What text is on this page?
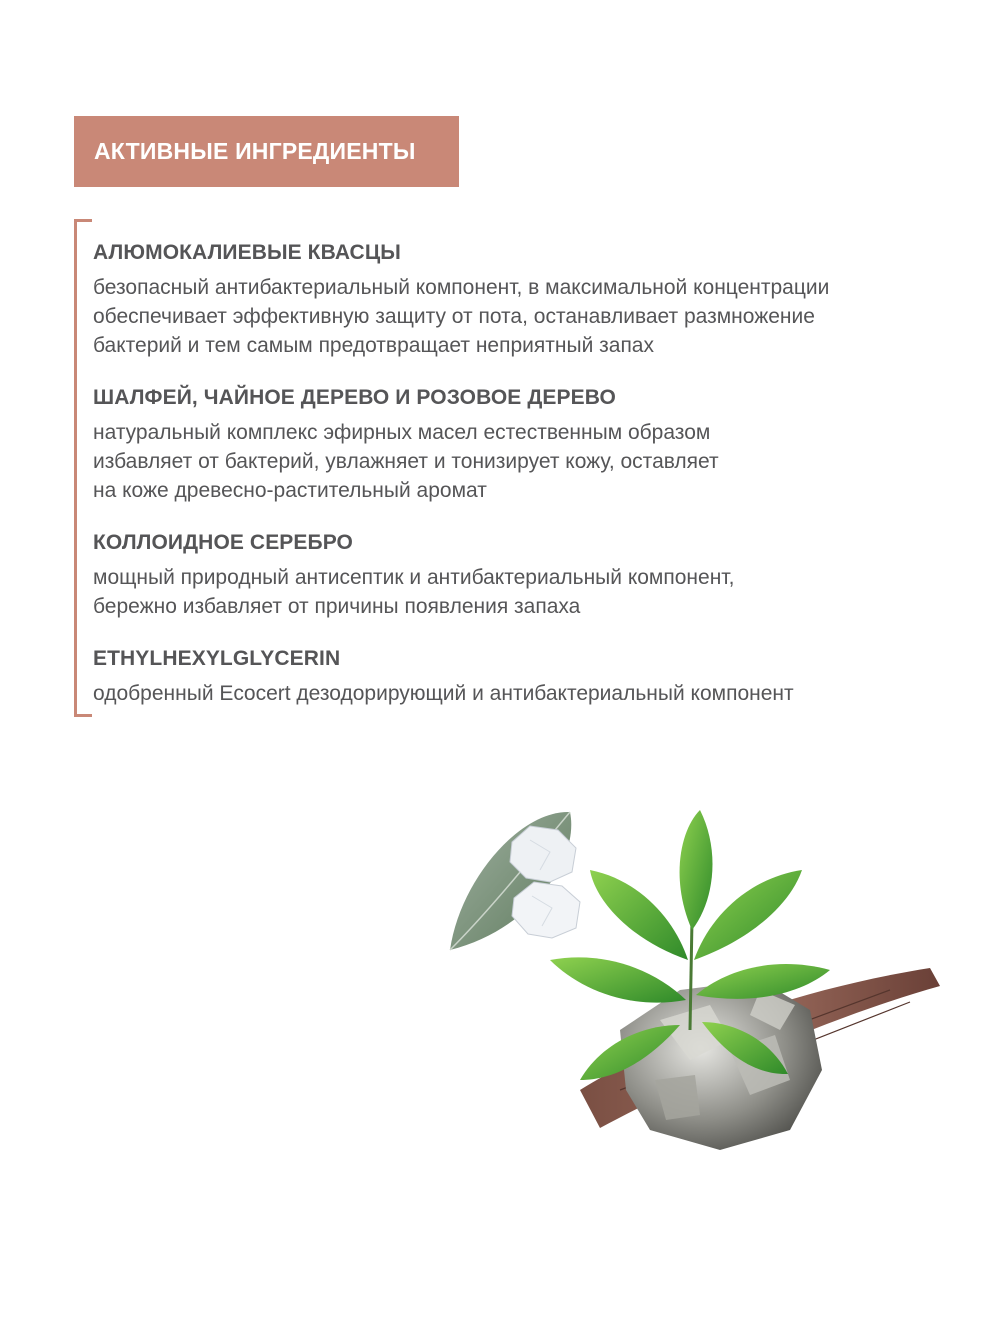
АКТИВНЫЕ ИНГРЕДИЕНТЫ
АЛЮМОКАЛИЕВЫЕ КВАСЦЫ
безопасный антибактериальный компонент, в максимальной концентрации
обеспечивает эффективную защиту от пота, останавливает размножение
бактерий и тем самым предотвращает неприятный запах
ШАЛФЕЙ, ЧАЙНОЕ ДЕРЕВО И РОЗОВОЕ ДЕРЕВО
натуральный комплекс эфирных масел естественным образом
избавляет от бактерий, увлажняет и тонизирует кожу, оставляет
на коже древесно-растительный аромат
КОЛЛОИДНОЕ СЕРЕБРО
мощный природный антисептик и антибактериальный компонент,
бережно избавляет от причины появления запаха
ETHYLHEXYLGLYCERIN
одобренный Ecocert дезодорирующий и антибактериальный компонент
